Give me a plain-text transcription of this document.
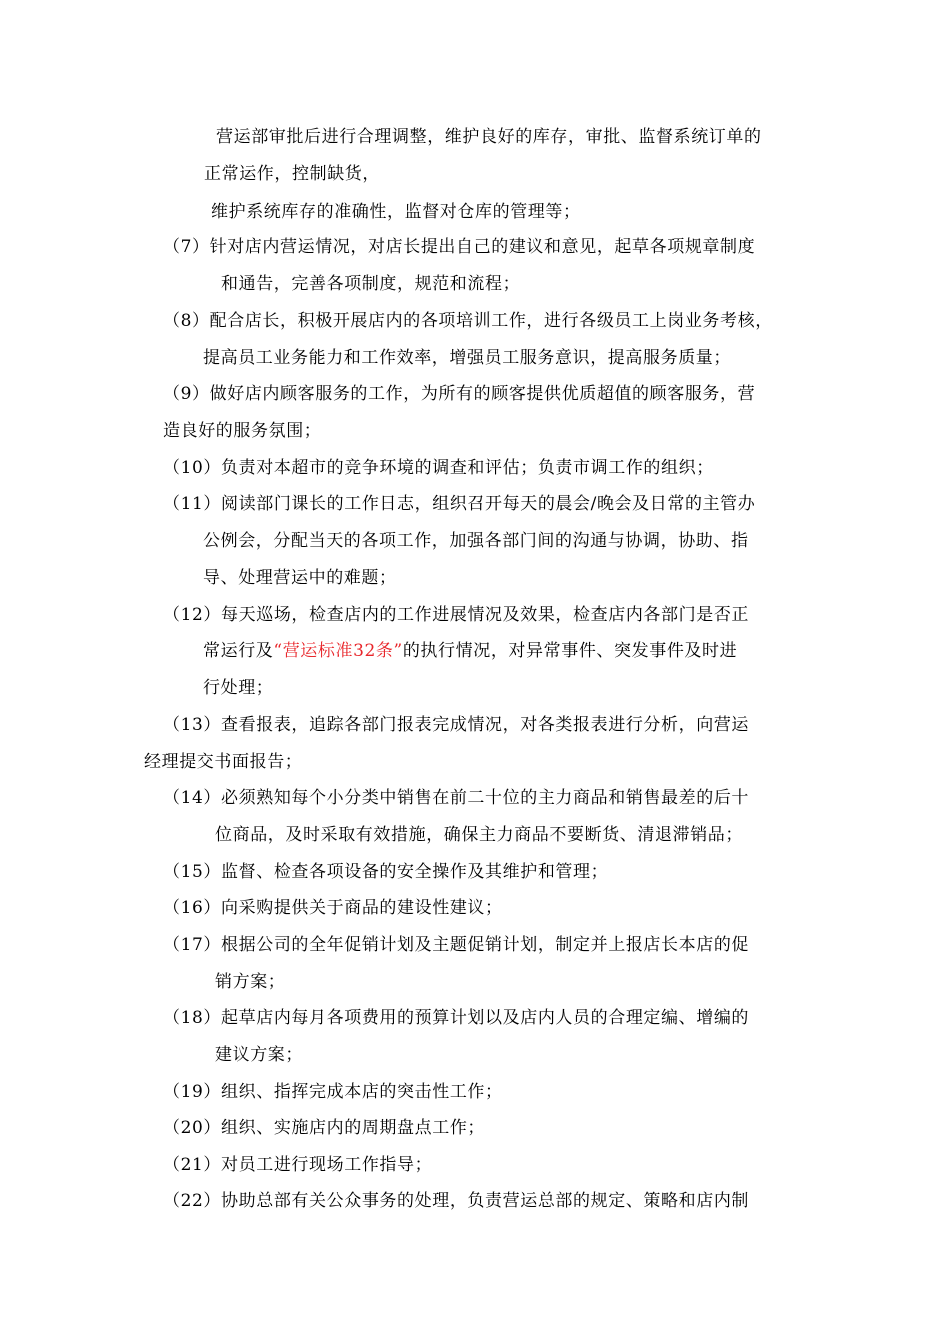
营运部审批后进行合理调整，维护良好的库存，审批、监督系统订单的
正常运作，控制缺货，
维护系统库存的准确性，监督对仓库的管理等；
（7）针对店内营运情况，对店长提出自己的建议和意见，起草各项规章制度
和通告，完善各项制度，规范和流程；
（8）配合店长，积极开展店内的各项培训工作，进行各级员工上岗业务考核，
提高员工业务能力和工作效率，增强员工服务意识，提高服务质量；
（9）做好店内顾客服务的工作，为所有的顾客提供优质超值的顾客服务，营
造良好的服务氛围；
（10）负责对本超市的竞争环境的调查和评估；负责市调工作的组织；
（11）阅读部门课长的工作日志，组织召开每天的晨会/晚会及日常的主管办
公例会，分配当天的各项工作，加强各部门间的沟通与协调，协助、指
导、处理营运中的难题；
（12）每天巡场，检查店内的工作进展情况及效果，检查店内各部门是否正
常运行及“营运标准32条”的执行情况，对异常事件、突发事件及时进
行处理；
（13）查看报表，追踪各部门报表完成情况，对各类报表进行分析，向营运
经理提交书面报告；
（14）必须熟知每个小分类中销售在前二十位的主力商品和销售最差的后十
位商品，及时采取有效措施，确保主力商品不要断货、清退滞销品；
（15）监督、检查各项设备的安全操作及其维护和管理；
（16）向采购提供关于商品的建设性建议；
（17）根据公司的全年促销计划及主题促销计划，制定并上报店长本店的促
销方案；
（18）起草店内每月各项费用的预算计划以及店内人员的合理定编、增编的
建议方案；
（19）组织、指挥完成本店的突击性工作；
（20）组织、实施店内的周期盘点工作；
（21）对员工进行现场工作指导；
（22）协助总部有关公众事务的处理，负责营运总部的规定、策略和店内制
